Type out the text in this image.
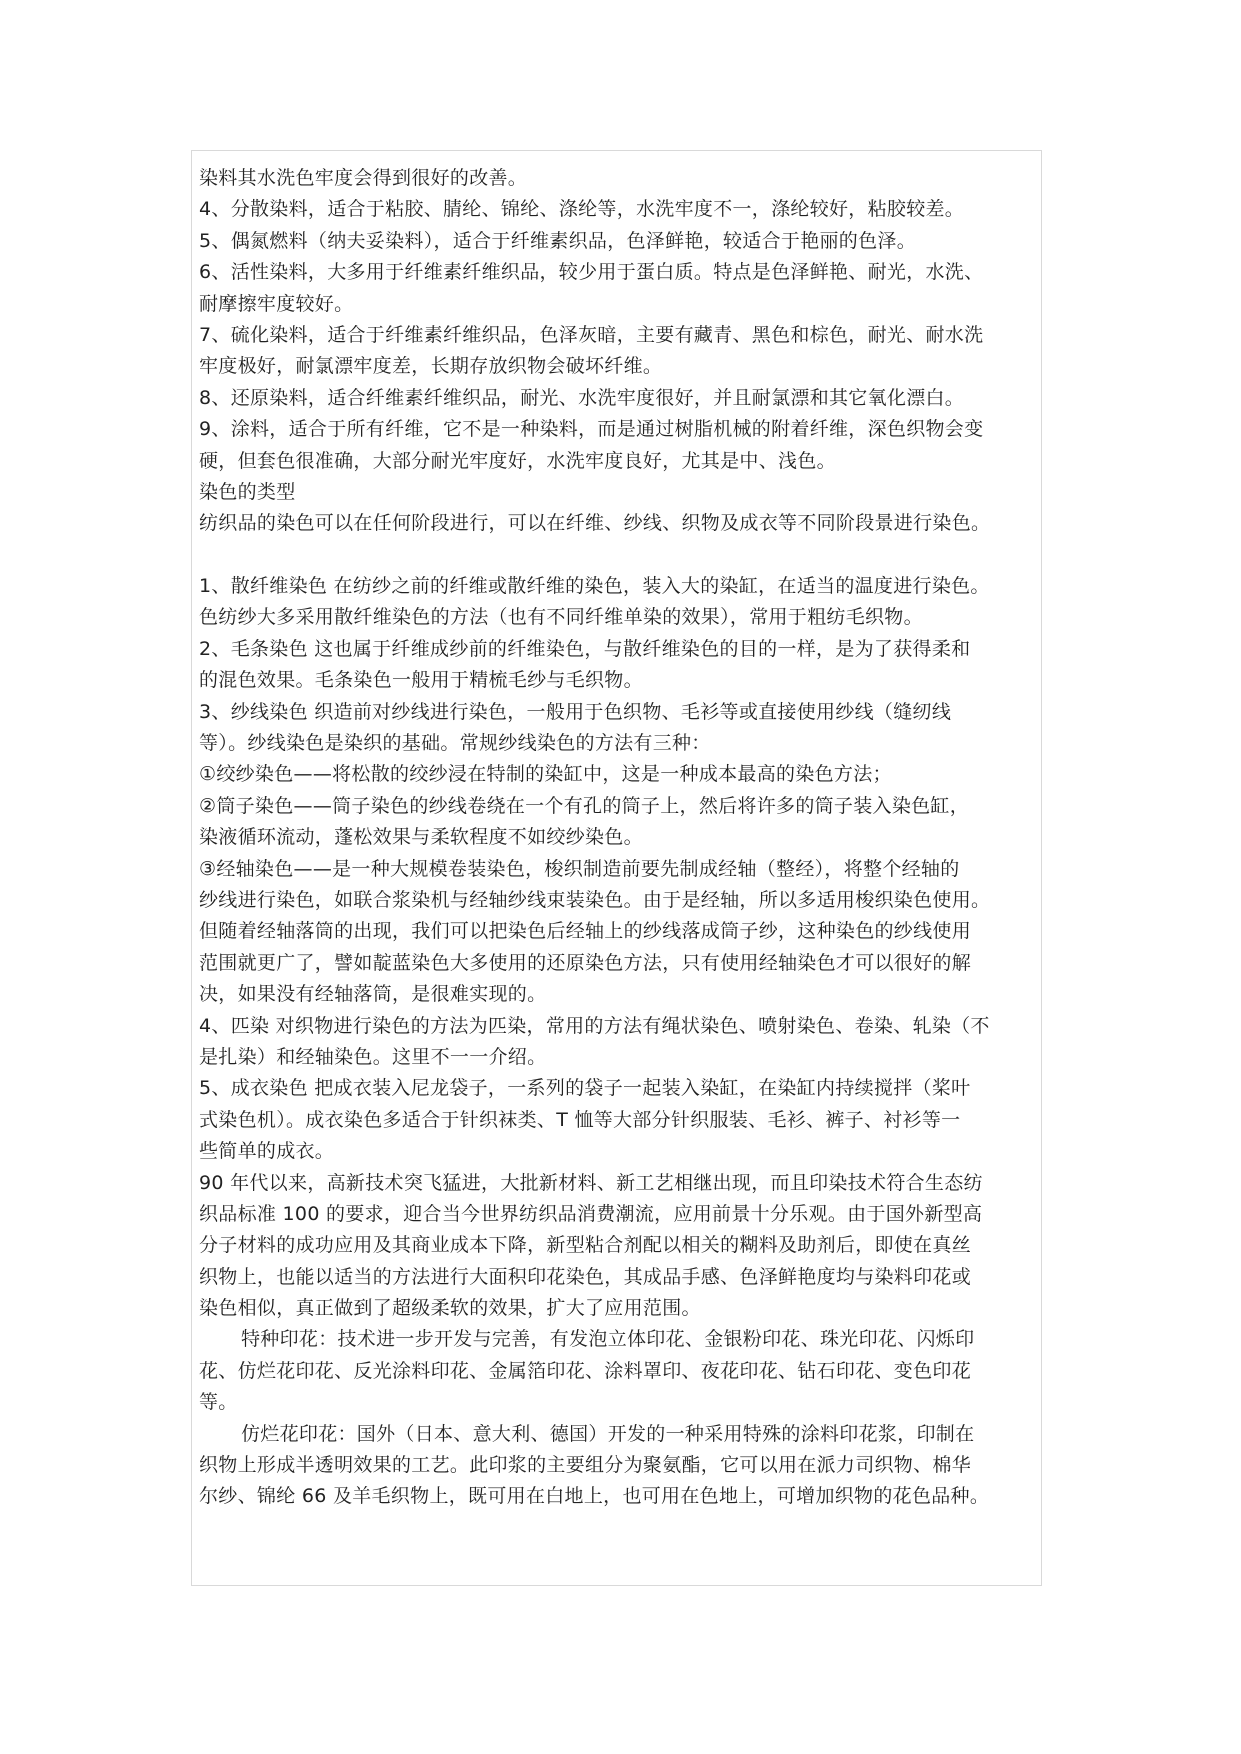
染料其水洗色牢度会得到很好的改善。
4、分散染料，适合于粘胶、腈纶、锦纶、涤纶等，水洗牢度不一，涤纶较好，粘胶较差。
5、偶氮燃料（纳夫妥染料），适合于纤维素织品，色泽鲜艳，较适合于艳丽的色泽。
6、活性染料，大多用于纤维素纤维织品，较少用于蛋白质。特点是色泽鲜艳、耐光，水洗、
耐摩擦牢度较好。
7、硫化染料，适合于纤维素纤维织品，色泽灰暗，主要有藏青、黑色和棕色，耐光、耐水洗
牢度极好，耐氯漂牢度差，长期存放织物会破坏纤维。
8、还原染料，适合纤维素纤维织品，耐光、水洗牢度很好，并且耐氯漂和其它氧化漂白。
9、涂料，适合于所有纤维，它不是一种染料，而是通过树脂机械的附着纤维，深色织物会变
硬，但套色很准确，大部分耐光牢度好，水洗牢度良好，尤其是中、浅色。
染色的类型
纺织品的染色可以在任何阶段进行，可以在纤维、纱线、织物及成衣等不同阶段景进行染色。
1、散纤维染色 在纺纱之前的纤维或散纤维的染色，装入大的染缸，在适当的温度进行染色。
色纺纱大多采用散纤维染色的方法（也有不同纤维单染的效果），常用于粗纺毛织物。
2、毛条染色 这也属于纤维成纱前的纤维染色，与散纤维染色的目的一样，是为了获得柔和
的混色效果。毛条染色一般用于精梳毛纱与毛织物。
3、纱线染色 织造前对纱线进行染色，一般用于色织物、毛衫等或直接使用纱线（缝纫线
等）。纱线染色是染织的基础。常规纱线染色的方法有三种：
①绞纱染色——将松散的绞纱浸在特制的染缸中，这是一种成本最高的染色方法；
②筒子染色——筒子染色的纱线卷绕在一个有孔的筒子上，然后将许多的筒子装入染色缸，
染液循环流动，蓬松效果与柔软程度不如绞纱染色。
③经轴染色——是一种大规模卷装染色，梭织制造前要先制成经轴（整经），将整个经轴的
纱线进行染色，如联合浆染机与经轴纱线束装染色。由于是经轴，所以多适用梭织染色使用。
但随着经轴落筒的出现，我们可以把染色后经轴上的纱线落成筒子纱，这种染色的纱线使用
范围就更广了，譬如靛蓝染色大多使用的还原染色方法，只有使用经轴染色才可以很好的解
决，如果没有经轴落筒，是很难实现的。
4、匹染 对织物进行染色的方法为匹染，常用的方法有绳状染色、喷射染色、卷染、轧染（不
是扎染）和经轴染色。这里不一一介绍。
5、成衣染色 把成衣装入尼龙袋子，一系列的袋子一起装入染缸，在染缸内持续搅拌（桨叶
式染色机）。成衣染色多适合于针织袜类、T 恤等大部分针织服装、毛衫、裤子、衬衫等一
些简单的成衣。
90 年代以来，高新技术突飞猛进，大批新材料、新工艺相继出现，而且印染技术符合生态纺
织品标准 100 的要求，迎合当今世界纺织品消费潮流，应用前景十分乐观。由于国外新型高
分子材料的成功应用及其商业成本下降，新型粘合剂配以相关的糊料及助剂后，即使在真丝
织物上，也能以适当的方法进行大面积印花染色，其成品手感、色泽鲜艳度均与染料印花或
染色相似，真正做到了超级柔软的效果，扩大了应用范围。
特种印花：技术进一步开发与完善，有发泡立体印花、金银粉印花、珠光印花、闪烁印
花、仿烂花印花、反光涂料印花、金属箔印花、涂料罩印、夜花印花、钻石印花、变色印花
等。
仿烂花印花：国外（日本、意大利、德国）开发的一种采用特殊的涂料印花浆，印制在
织物上形成半透明效果的工艺。此印浆的主要组分为聚氨酯，它可以用在派力司织物、棉华
尔纱、锦纶 66 及羊毛织物上，既可用在白地上，也可用在色地上，可增加织物的花色品种。
